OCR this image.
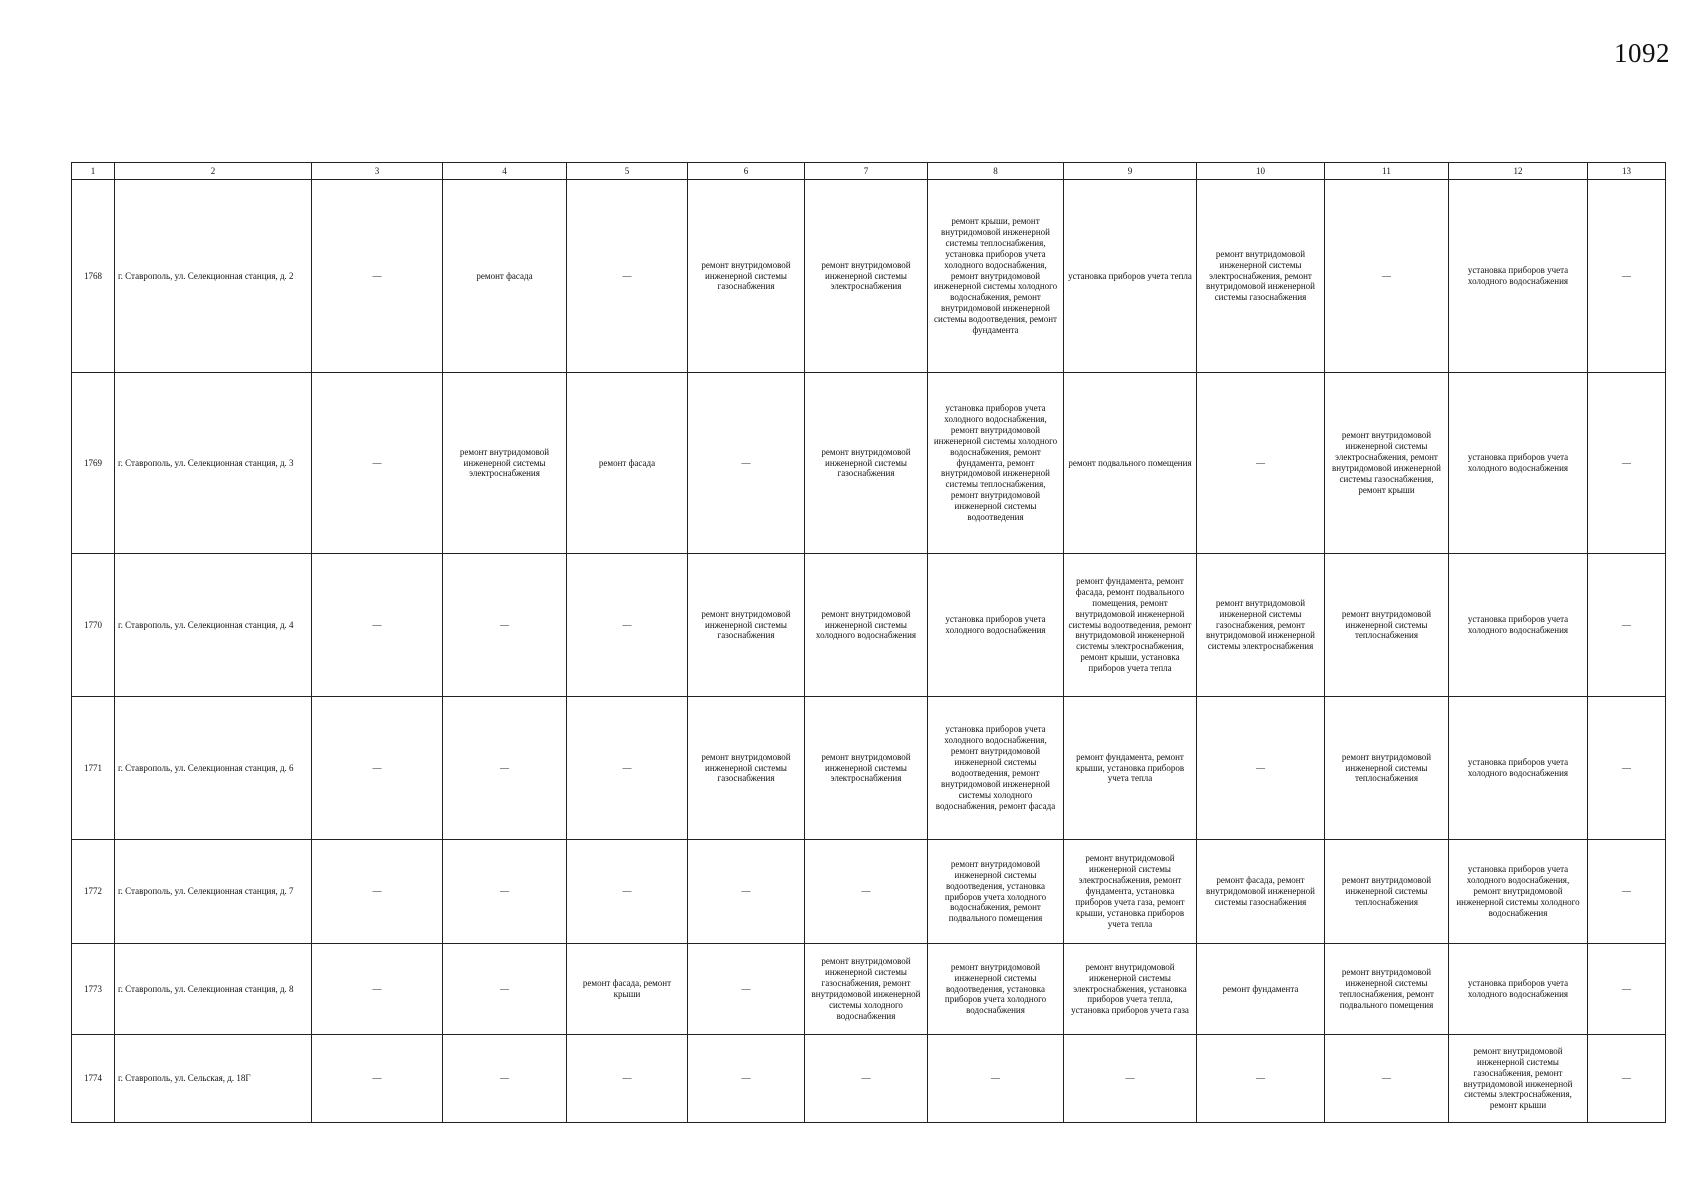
1092
1	2	3	4	5	6	7	8	9	10	11	12	13
1768	г. Ставрополь, ул. Селекционная станция, д. 2	—	ремонт фасада	—	ремонт внутридомовой инженерной системы газоснабжения	ремонт внутридомовой инженерной системы электроснабжения	ремонт крыши, ремонт внутридомовой инженерной системы теплоснабжения, установка приборов учета холодного водоснабжения, ремонт внутридомовой инженерной системы холодного водоснабжения, ремонт внутридомовой инженерной системы водоотведения, ремонт фундамента	установка приборов учета тепла	ремонт внутридомовой инженерной системы электроснабжения, ремонт внутридомовой инженерной системы газоснабжения	—	установка приборов учета холодного водоснабжения	—
1769	г. Ставрополь, ул. Селекционная станция, д. 3	—	ремонт внутридомовой инженерной системы электроснабжения	ремонт фасада	—	ремонт внутридомовой инженерной системы газоснабжения	установка приборов учета холодного водоснабжения, ремонт внутридомовой инженерной системы холодного водоснабжения, ремонт фундамента, ремонт внутридомовой инженерной системы теплоснабжения, ремонт внутридомовой инженерной системы водоотведения	ремонт подвального помещения	—	ремонт внутридомовой инженерной системы электроснабжения, ремонт внутридомовой инженерной системы газоснабжения, ремонт крыши	установка приборов учета холодного водоснабжения	—
1770	г. Ставрополь, ул. Селекционная станция, д. 4	—	—	—	ремонт внутридомовой инженерной системы газоснабжения	ремонт внутридомовой инженерной системы холодного водоснабжения	установка приборов учета холодного водоснабжения	ремонт фундамента, ремонт фасада, ремонт подвального помещения, ремонт внутридомовой инженерной системы водоотведения, ремонт внутридомовой инженерной системы электроснабжения, ремонт крыши, установка приборов учета тепла	ремонт внутридомовой инженерной системы газоснабжения, ремонт внутридомовой инженерной системы электроснабжения	ремонт внутридомовой инженерной системы теплоснабжения	установка приборов учета холодного водоснабжения	—
1771	г. Ставрополь, ул. Селекционная станция, д. 6	—	—	—	ремонт внутридомовой инженерной системы газоснабжения	ремонт внутридомовой инженерной системы электроснабжения	установка приборов учета холодного водоснабжения, ремонт внутридомовой инженерной системы водоотведения, ремонт внутридомовой инженерной системы холодного водоснабжения, ремонт фасада	ремонт фундамента, ремонт крыши, установка приборов учета тепла	—	ремонт внутридомовой инженерной системы теплоснабжения	установка приборов учета холодного водоснабжения	—
1772	г. Ставрополь, ул. Селекционная станция, д. 7	—	—	—	—	—	ремонт внутридомовой инженерной системы водоотведения, установка приборов учета холодного водоснабжения, ремонт подвального помещения	ремонт внутридомовой инженерной системы электроснабжения, ремонт фундамента, установка приборов учета газа, ремонт крыши, установка приборов учета тепла	ремонт фасада, ремонт внутридомовой инженерной системы газоснабжения	ремонт внутридомовой инженерной системы теплоснабжения	установка приборов учета холодного водоснабжения, ремонт внутридомовой инженерной системы холодного водоснабжения	—
1773	г. Ставрополь, ул. Селекционная станция, д. 8	—	—	ремонт фасада, ремонт крыши	—	ремонт внутридомовой инженерной системы газоснабжения, ремонт внутридомовой инженерной системы холодного водоснабжения	ремонт внутридомовой инженерной системы водоотведения, установка приборов учета холодного водоснабжения	ремонт внутридомовой инженерной системы электроснабжения, установка приборов учета тепла, установка приборов учета газа	ремонт фундамента	ремонт внутридомовой инженерной системы теплоснабжения, ремонт подвального помещения	установка приборов учета холодного водоснабжения	—
1774	г. Ставрополь, ул. Сельская, д. 18Г	—	—	—	—	—	—	—	—	—	ремонт внутридомовой инженерной системы газоснабжения, ремонт внутридомовой инженерной системы электроснабжения, ремонт крыши	—
